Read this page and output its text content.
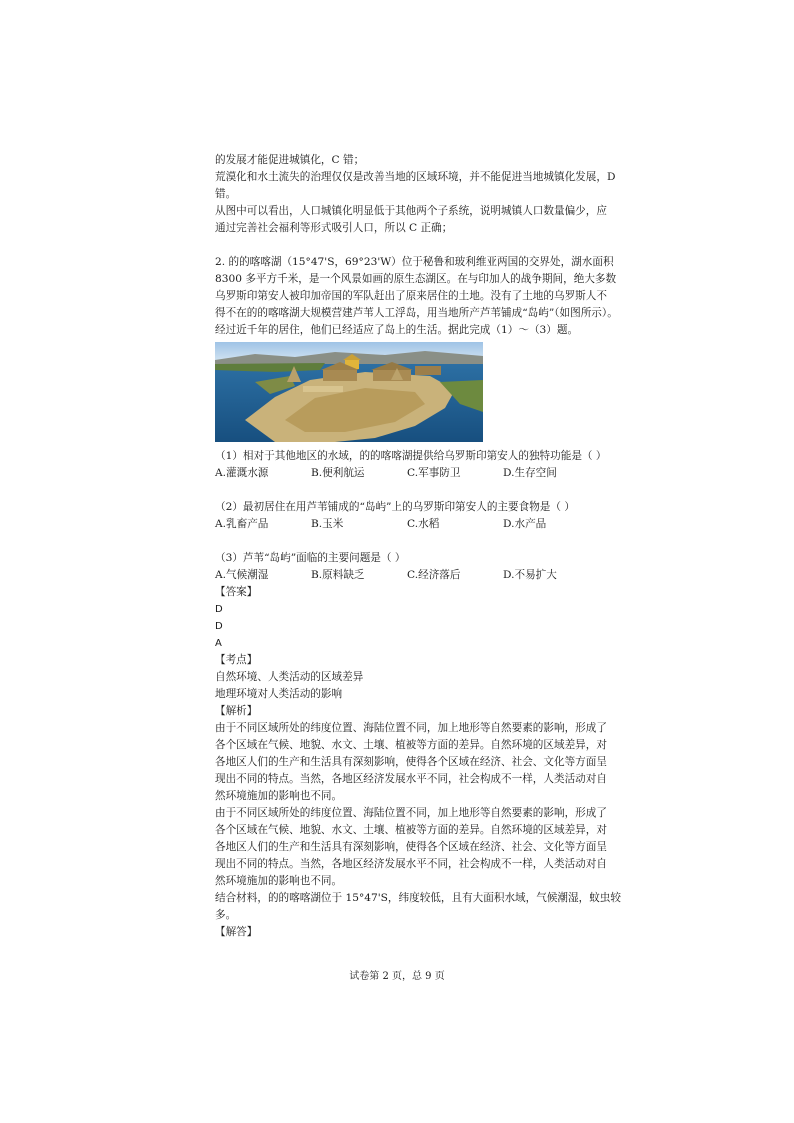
的发展才能促进城镇化，C 错；

荒漠化和水土流失的治理仅仅是改善当地的区域环境，并不能促进当地城镇化发展，D

错。

从图中可以看出，人口城镇化明显低于其他两个子系统，说明城镇人口数量偏少，应

通过完善社会福利等形式吸引人口，所以 C 正确；

2. 的的喀喀湖（15°47'S，69°23'W）位于秘鲁和玻利维亚两国的交界处，湖水面积

8300 多平方千米，是一个风景如画的原生态湖区。在与印加人的战争期间，绝大多数

乌罗斯印第安人被印加帝国的军队赶出了原来居住的土地。没有了土地的乌罗斯人不

得不在的的喀喀湖大规模营建芦苇人工浮岛，用当地所产芦苇铺成“岛屿”（如图所示）。

经过近千年的居住，他们已经适应了岛上的生活。据此完成（1）～（3）题。

（1）相对于其他地区的水域，的的喀喀湖提供给乌罗斯印第安人的独特功能是（ ）

A.灌溉水源	B.便利航运	C.军事防卫	D.生存空间

（2）最初居住在用芦苇铺成的“岛屿”上的乌罗斯印第安人的主要食物是（ ）

A.乳畜产品	B.玉米	C.水稻	D.水产品

（3）芦苇“岛屿”面临的主要问题是（ ）

A.气候潮湿	B.原料缺乏	C.经济落后	D.不易扩大

【答案】

D

D

A

【考点】

自然环境、人类活动的区域差异

地理环境对人类活动的影响

【解析】

由于不同区域所处的纬度位置、海陆位置不同，加上地形等自然要素的影响，形成了

各个区域在气候、地貌、水文、土壤、植被等方面的差异。自然环境的区域差异，对

各地区人们的生产和生活具有深刻影响，使得各个区域在经济、社会、文化等方面呈

现出不同的特点。当然，各地区经济发展水平不同，社会构成不一样，人类活动对自

然环境施加的影响也不同。

由于不同区域所处的纬度位置、海陆位置不同，加上地形等自然要素的影响，形成了

各个区域在气候、地貌、水文、土壤、植被等方面的差异。自然环境的区域差异，对

各地区人们的生产和生活具有深刻影响，使得各个区域在经济、社会、文化等方面呈

现出不同的特点。当然，各地区经济发展水平不同，社会构成不一样，人类活动对自

然环境施加的影响也不同。

结合材料，的的喀喀湖位于 15°47'S，纬度较低，且有大面积水域，气候潮湿，蚊虫较

多。

【解答】

试卷第 2 页，总 9 页
